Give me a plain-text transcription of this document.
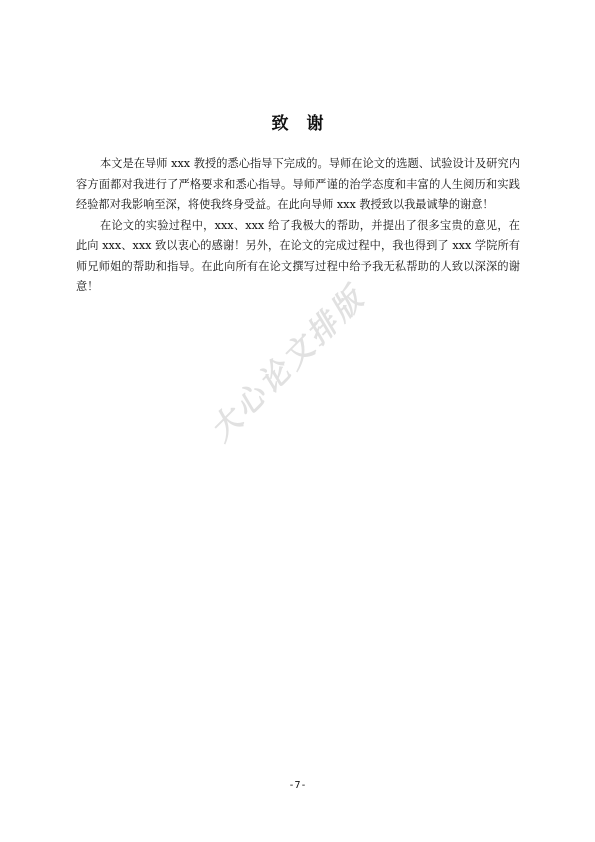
致谢

本文是在导师 xxx 教授的悉心指导下完成的。导师在论文的选题、试验设计及研究内容方面都对我进行了严格要求和悉心指导。导师严谨的治学态度和丰富的人生阅历和实践经验都对我影响至深，将使我终身受益。在此向导师 xxx 教授致以我最诚挚的谢意！

在论文的实验过程中，xxx、xxx 给了我极大的帮助，并提出了很多宝贵的意见，在此向 xxx、xxx 致以衷心的感谢！另外，在论文的完成过程中，我也得到了 xxx 学院所有师兄师姐的帮助和指导。在此向所有在论文撰写过程中给予我无私帮助的人致以深深的谢意！	大心论文排版
-7-
